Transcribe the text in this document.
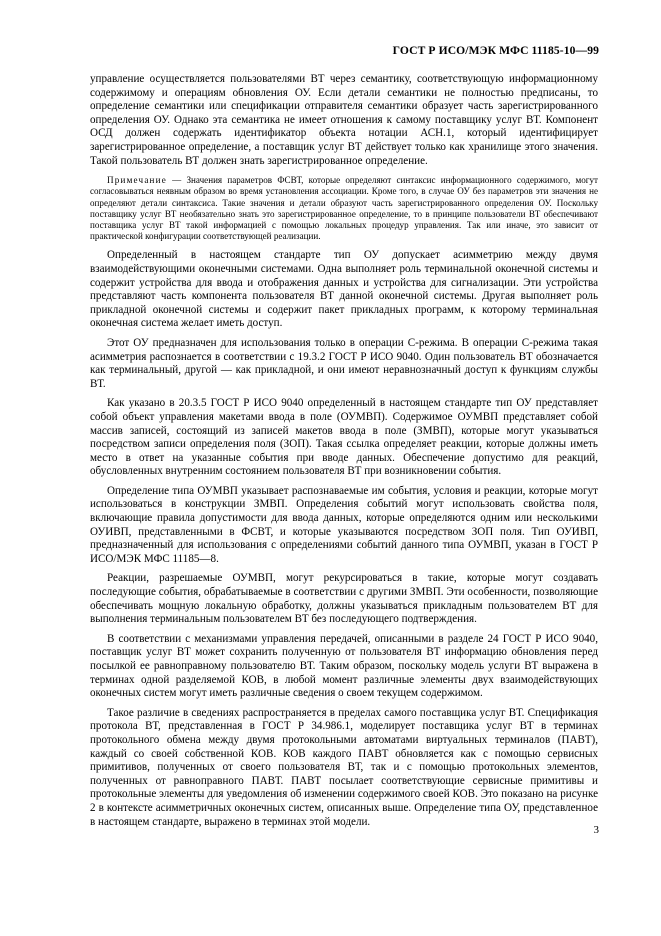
ГОСТ Р ИСО/МЭК МФС 11185-10—99

управление осуществляется пользователями ВТ через семантику, соответствующую информационному содержимому и операциям обновления ОУ. Если детали семантики не полностью предписаны, то определение семантики или спецификации отправителя семантики образует часть зарегистрированного определения ОУ. Однако эта семантика не имеет отношения к самому поставщику услуг ВТ. Компонент ОСД должен содержать идентификатор объекта нотации АСН.1, который идентифицирует зарегистрированное определение, а поставщик услуг ВТ действует только как хранилище этого значения. Такой пользователь ВТ должен знать зарегистрированное определение.

Примечание — Значения параметров ФСВТ, которые определяют синтаксис информационного содержимого, могут согласовываться неявным образом во время установления ассоциации. Кроме того, в случае ОУ без параметров эти значения не определяют детали синтаксиса. Такие значения и детали образуют часть зарегистрированного определения ОУ. Поскольку поставщику услуг ВТ необязательно знать это зарегистрированное определение, то в принципе пользователи ВТ обеспечивают поставщика услуг ВТ такой информацией с помощью локальных процедур управления. Так или иначе, это зависит от практической конфигурации соответствующей реализации.

Определенный в настоящем стандарте тип ОУ допускает асимметрию между двумя взаимодействующими оконечными системами. Одна выполняет роль терминальной оконечной системы и содержит устройства для ввода и отображения данных и устройства для сигнализации. Эти устройства представляют часть компонента пользователя ВТ данной оконечной системы. Другая выполняет роль прикладной оконечной системы и содержит пакет прикладных программ, к которому терминальная оконечная система желает иметь доступ.

Этот ОУ предназначен для использования только в операции С-режима. В операции С-режима такая асимметрия распознается в соответствии с 19.3.2 ГОСТ Р ИСО 9040. Один пользователь ВТ обозначается как терминальный, другой — как прикладной, и они имеют неравнозначный доступ к функциям службы ВТ.

Как указано в 20.3.5 ГОСТ Р ИСО 9040 определенный в настоящем стандарте тип ОУ представляет собой объект управления макетами ввода в поле (ОУМВП). Содержимое ОУМВП представляет собой массив записей, состоящий из записей макетов ввода в поле (ЗМВП), которые могут указываться посредством записи определения поля (ЗОП). Такая ссылка определяет реакции, которые должны иметь место в ответ на указанные события при вводе данных. Обеспечение допустимо для реакций, обусловленных внутренним состоянием пользователя ВТ при возникновении события.

Определение типа ОУМВП указывает распознаваемые им события, условия и реакции, которые могут использоваться в конструкции ЗМВП. Определения событий могут использовать свойства поля, включающие правила допустимости для ввода данных, которые определяются одним или несколькими ОУИВП, представленными в ФСВТ, и которые указываются посредством ЗОП поля. Тип ОУИВП, предназначенный для использования с определениями событий данного типа ОУМВП, указан в ГОСТ Р ИСО/МЭК МФС 11185—8.

Реакции, разрешаемые ОУМВП, могут рекурсироваться в такие, которые могут создавать последующие события, обрабатываемые в соответствии с другими ЗМВП. Эти особенности, позволяющие обеспечивать мощную локальную обработку, должны указываться прикладным пользователем ВТ для выполнения терминальным пользователем ВТ без последующего подтверждения.

В соответствии с механизмами управления передачей, описанными в разделе 24 ГОСТ Р ИСО 9040, поставщик услуг ВТ может сохранить полученную от пользователя ВТ информацию обновления перед посылкой ее равноправному пользователю ВТ. Таким образом, поскольку модель услуги ВТ выражена в терминах одной разделяемой КОВ, в любой момент различные элементы двух взаимодействующих оконечных систем могут иметь различные сведения о своем текущем содержимом.

Такое различие в сведениях распространяется в пределах самого поставщика услуг ВТ. Спецификация протокола ВТ, представленная в ГОСТ Р 34.986.1, моделирует поставщика услуг ВТ в терминах протокольного обмена между двумя протокольными автоматами виртуальных терминалов (ПАВТ), каждый со своей собственной КОВ. КОВ каждого ПАВТ обновляется как с помощью сервисных примитивов, полученных от своего пользователя ВТ, так и с помощью протокольных элементов, полученных от равноправного ПАВТ. ПАВТ посылает соответствующие сервисные примитивы и протокольные элементы для уведомления об изменении содержимого своей КОВ. Это показано на рисунке 2 в контексте асимметричных оконечных систем, описанных выше. Определение типа ОУ, представленное в настоящем стандарте, выражено в терминах этой модели.

3
